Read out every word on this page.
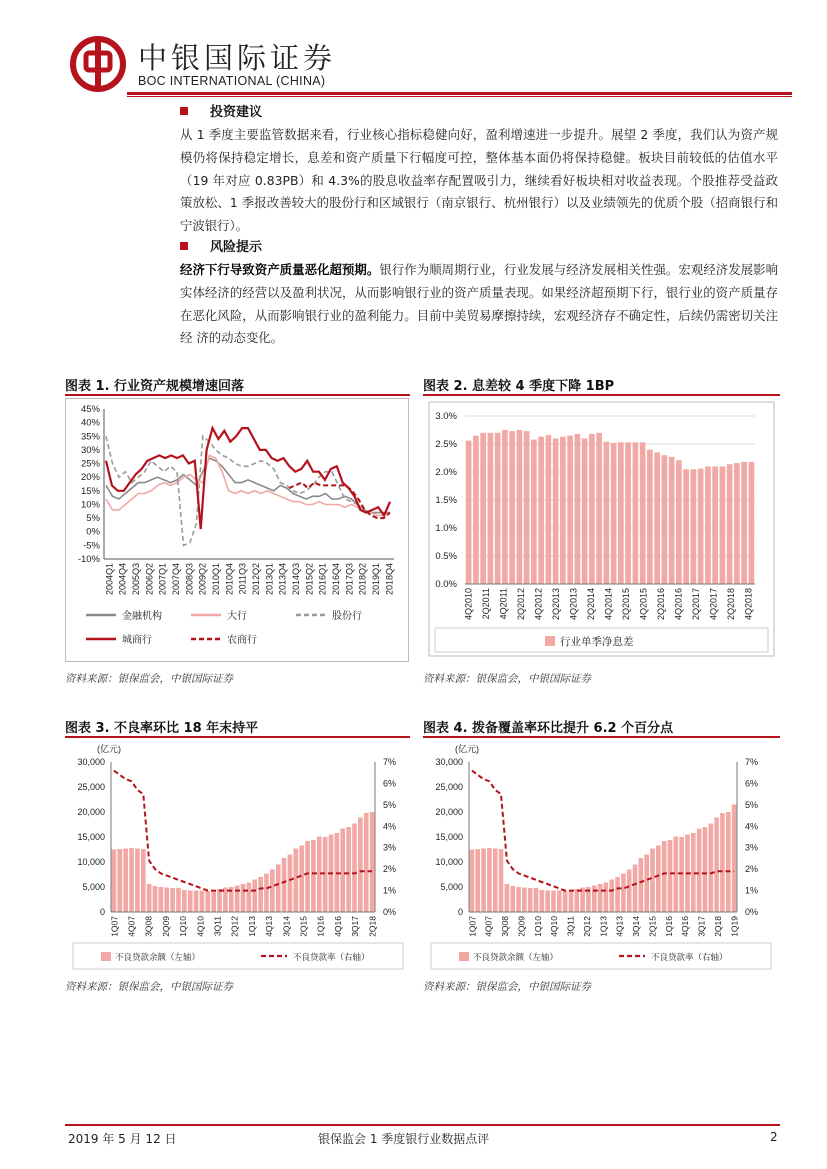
中银国际证券
BOC INTERNATIONAL (CHINA)
投资建议
从 1 季度主要监管数据来看，行业核心指标稳健向好，盈利增速进一步提升。展望 2 季度，我们认为资产规模仍将保持稳定增长，息差和资产质量下行幅度可控，整体基本面仍将保持稳健。板块目前较低的估值水平（19 年对应 0.83PB）和 4.3%的股息收益率存配置吸引力，继续看好板块相对收益表现。个股推荐受益政策放松、1 季报改善较大的股份行和区域银行（南京银行、杭州银行）以及业绩领先的优质个股（招商银行和宁波银行）。
风险提示
经济下行导致资产质量恶化超预期。银行作为顺周期行业，行业发展与经济发展相关性强。宏观经济发展影响实体经济的经营以及盈利状况，从而影响银行业的资产质量表现。如果经济超预期下行，银行业的资产质量存在恶化风险，从而影响银行业的盈利能力。目前中美贸易摩擦持续，宏观经济存不确定性，后续仍需密切关注经 济的动态变化。
图表 1. 行业资产规模增速回落
45%
40%
35%
30%
25%
20%
15%
10%
5%
0%
-5%
-10%
2004Q1 2004Q4 2005Q3 2006Q2 2007Q1 2007Q4 2008Q3 2009Q2 2010Q1 2010Q4 2011Q3 2012Q2 2013Q1 2013Q4 2014Q3 2015Q2 2016Q1 2016Q4 2017Q3 2018Q2 2019Q1 2018Q4
金融机构	大行	股份行
城商行	农商行
资料来源：银保监会，中银国际证券
图表 2. 息差较 4 季度下降 1BP
3.0%
2.5%
2.0%
1.5%
1.0%
0.5%
0.0%
4Q2010 2Q2011 4Q2011 2Q2012 4Q2012 2Q2013 4Q2013 2Q2014 4Q2014 2Q2015 4Q2015 2Q2016 4Q2016 2Q2017 4Q2017 2Q2018 4Q2018
行业单季净息差
资料来源：银保监会，中银国际证券
图表 3. 不良率环比 18 年末持平
(亿元)
30,000
25,000
20,000
15,000
10,000
5,000
0
7%
6%
5%
4%
3%
2%
1%
0%
1Q07 4Q07 3Q08 2Q09 1Q10 4Q10 3Q11 2Q12 1Q13 4Q13 3Q14 2Q15 1Q16 4Q16 3Q17 2Q18
不良贷款余额（左轴）	不良贷款率（右轴）
资料来源：银保监会，中银国际证券
图表 4. 拨备覆盖率环比提升 6.2 个百分点
(亿元)
30,000
25,000
20,000
15,000
10,000
5,000
0
7%
6%
5%
4%
3%
2%
1%
0%
1Q07 4Q07 3Q08 2Q09 1Q10 4Q10 3Q11 2Q12 1Q13 4Q13 3Q14 2Q15 1Q16 4Q16 3Q17 2Q18 1Q19
不良贷款余额（左轴）	不良贷款率（右轴）
资料来源：银保监会，中银国际证券
2019 年 5 月 12 日	银保监会 1 季度银行业数据点评	2
